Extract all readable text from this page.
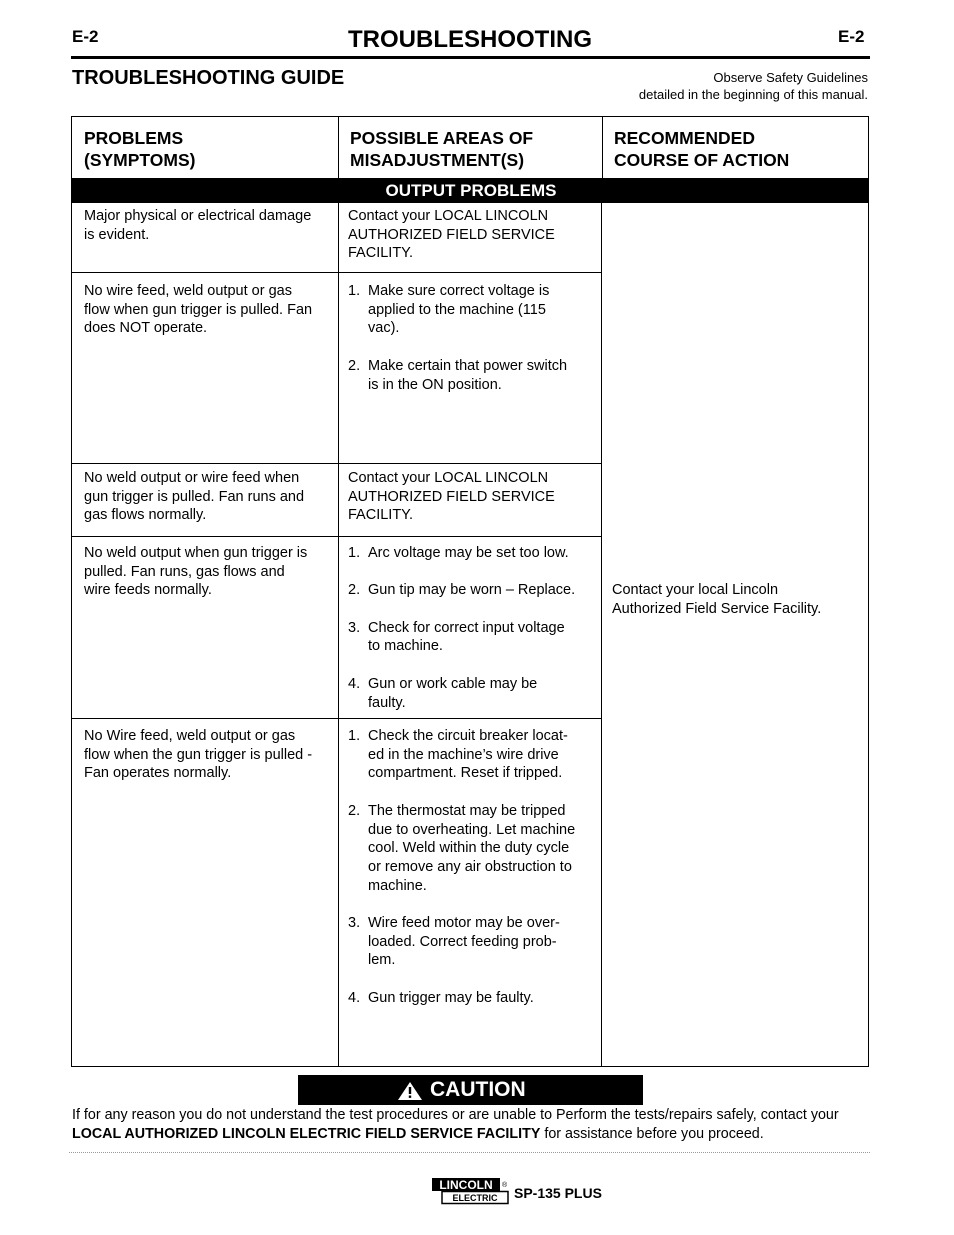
E-2	E-2
TROUBLESHOOTING
TROUBLESHOOTING GUIDE	Observe Safety Guidelines
detailed in the beginning of this manual.
PROBLEMS
(SYMPTOMS)
POSSIBLE AREAS OF
MISADJUSTMENT(S)
RECOMMENDED
COURSE OF ACTION
OUTPUT PROBLEMS

Major physical or electrical damage

is evident.

Contact your LOCAL LINCOLN

AUTHORIZED FIELD SERVICE

FACILITY.

No wire feed, weld output or gas

flow when gun trigger is pulled. Fan

does NOT operate.

1. Make sure correct voltage is

applied to the machine (115

vac).

2. Make certain that power switch

is in the ON position.

No weld output or wire feed when

gun trigger is pulled. Fan runs and

gas flows normally.

Contact your LOCAL LINCOLN

AUTHORIZED FIELD SERVICE

FACILITY.

No weld output when gun trigger is

pulled. Fan runs, gas flows and

wire feeds normally.

1. Arc voltage may be set too low.

2. Gun tip may be worn – Replace.

3. Check for correct input voltage

to machine.

4. Gun or work cable may be

faulty.

No Wire feed, weld output or gas

flow when the gun trigger is pulled -

Fan operates normally.

1. Check the circuit breaker locat-

ed in the machine’s wire drive

compartment. Reset if tripped.

2. The thermostat may be tripped

due to overheating. Let machine

cool. Weld within the duty cycle

or remove any air obstruction to

machine.

3. Wire feed motor may be over-

loaded. Correct feeding prob-

lem.

4. Gun trigger may be faulty.

Contact your local Lincoln

Authorized Field Service Facility.

CAUTION
If for any reason you do not understand the test procedures or are unable to Perform the tests/repairs safely, contact your LOCAL AUTHORIZED LINCOLN ELECTRIC FIELD SERVICE FACILITY for assistance before you proceed.
LINCOLN
ELECTRIC
® SP-135 PLUS
